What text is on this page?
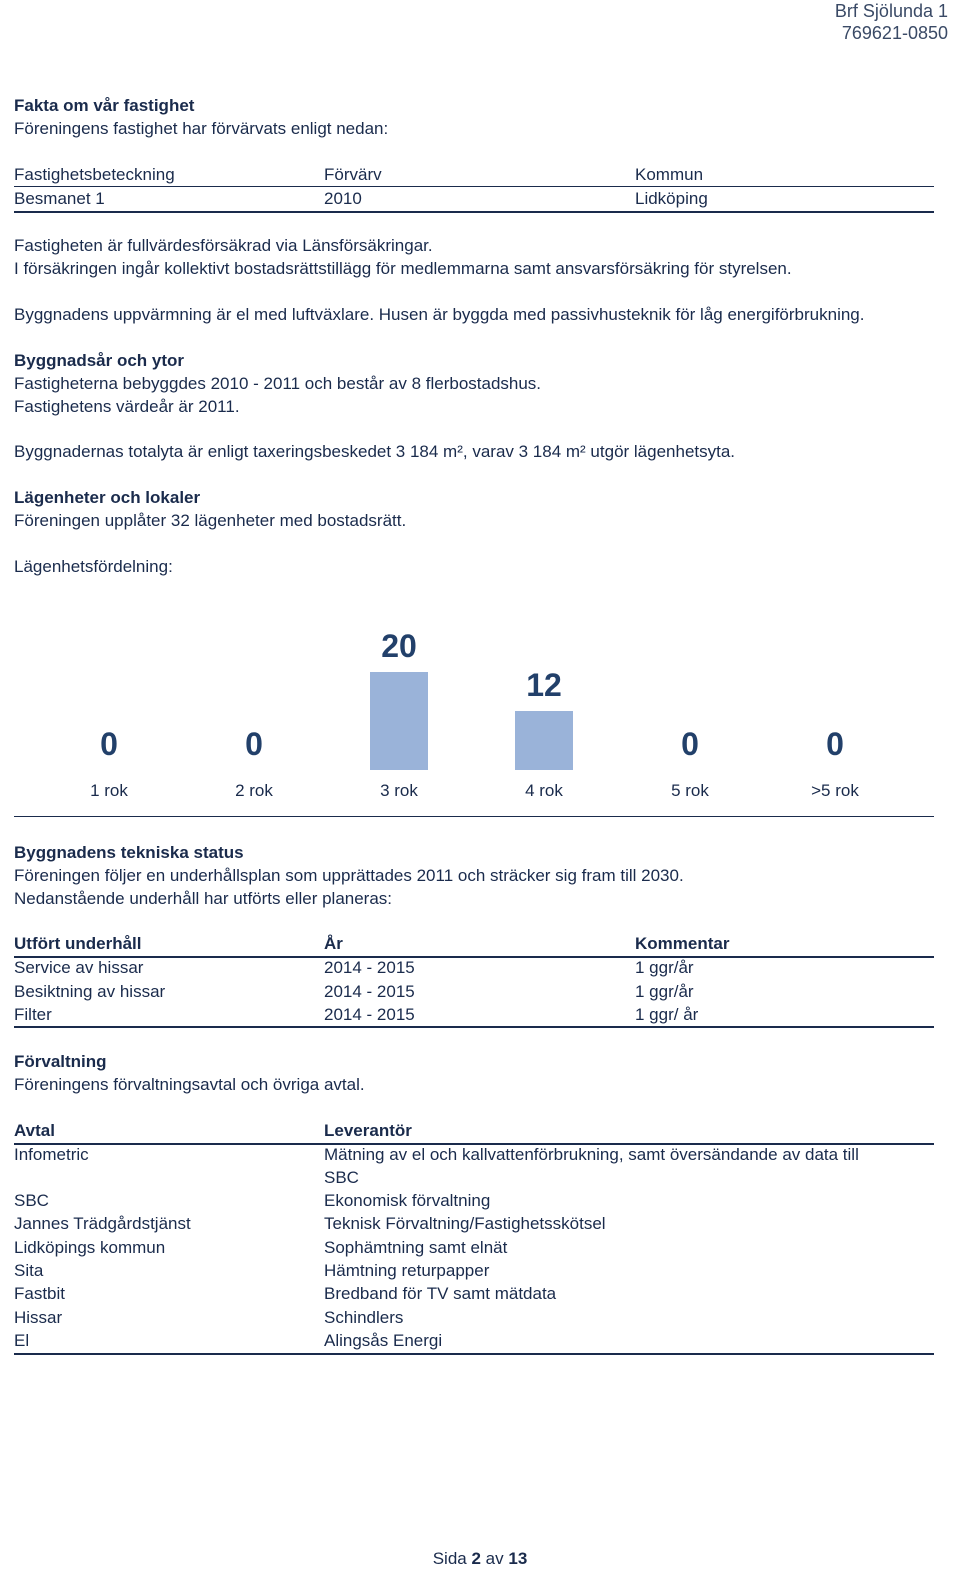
Brf Sjölunda 1
769621-0850
Fakta om vår fastighet
Föreningens fastighet har förvärvats enligt nedan:
Fastighetsbeteckning	Förvärv	Kommun
Besmanet 1	2010	Lidköping
Fastigheten är fullvärdesförsäkrad via Länsförsäkringar.
I försäkringen ingår kollektivt bostadsrättstillägg för medlemmarna samt ansvarsförsäkring för styrelsen.
Byggnadens uppvärmning är el med luftväxlare. Husen är byggda med passivhusteknik för låg energiförbrukning.
Byggnadsår och ytor
Fastigheterna bebyggdes 2010 - 2011 och består av 8 flerbostadshus.
Fastighetens värdeår är 2011.
Byggnadernas totalyta är enligt taxeringsbeskedet 3 184 m², varav 3 184 m² utgör lägenhetsyta.
Lägenheter och lokaler
Föreningen upplåter 32 lägenheter med bostadsrätt.
Lägenhetsfördelning:
0
1 rok
0
2 rok
20
3 rok
12
4 rok
0
5 rok
0
>5 rok
Byggnadens tekniska status
Föreningen följer en underhållsplan som upprättades 2011 och sträcker sig fram till 2030.
Nedanstående underhåll har utförts eller planeras:
Utfört underhåll	År	Kommentar
Service av hissar	2014 - 2015	1 ggr/år
Besiktning av hissar	2014 - 2015	1 ggr/år
Filter	2014 - 2015	1 ggr/ år
Förvaltning
Föreningens förvaltningsavtal och övriga avtal.
Avtal	Leverantör
Infometric	Mätning av el och kallvattenförbrukning, samt översändande av data till
SBC
SBC	Ekonomisk förvaltning
Jannes Trädgårdstjänst	Teknisk Förvaltning/Fastighetsskötsel
Lidköpings kommun	Sophämtning samt elnät
Sita	Hämtning returpapper
Fastbit	Bredband för TV samt mätdata
Hissar	Schindlers
El	Alingsås Energi
Sida 2 av 13
